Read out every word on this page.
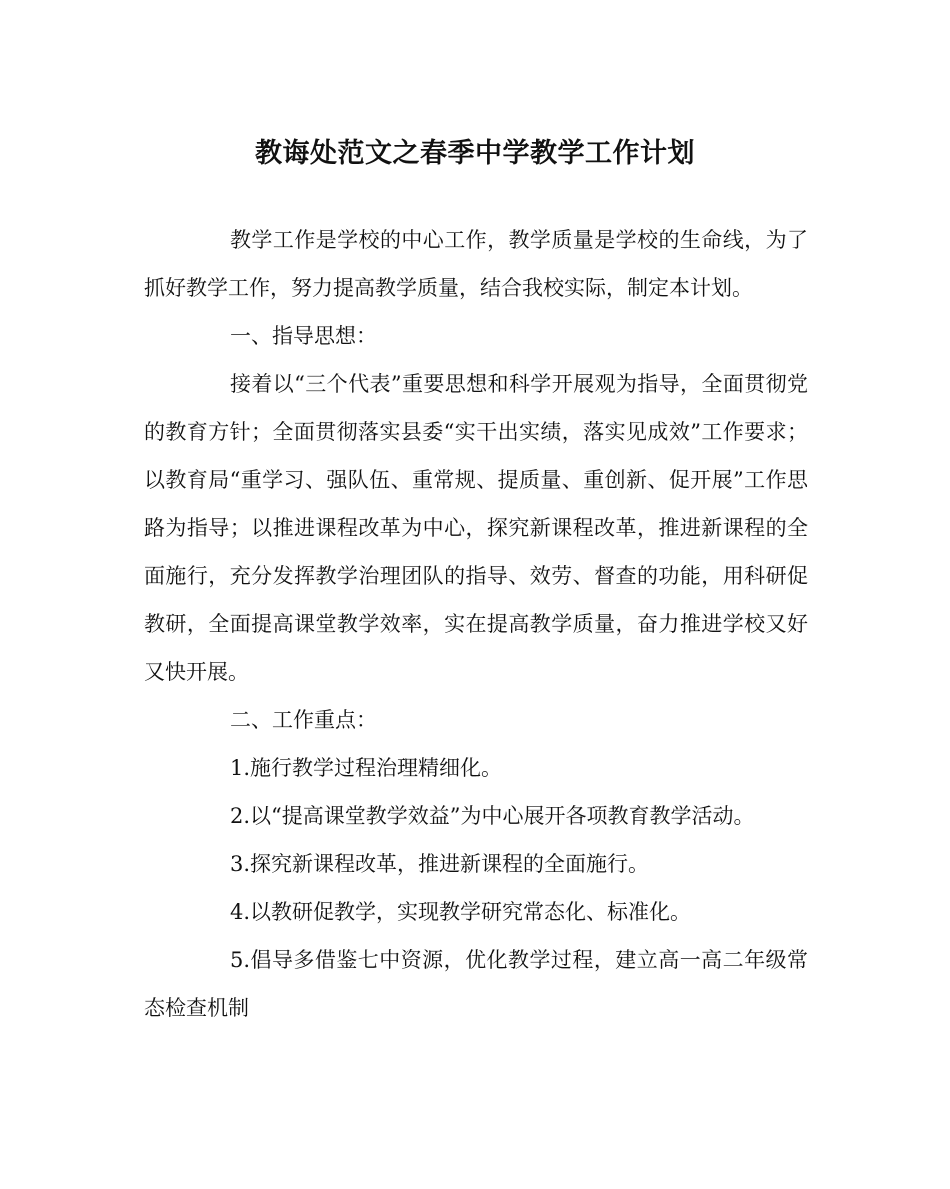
教诲处范文之春季中学教学工作计划

教学工作是学校的中心工作，教学质量是学校的生命线，为了抓好教学工作，努力提高教学质量，结合我校实际，制定本计划。

一、指导思想：

接着以“三个代表”重要思想和科学开展观为指导，全面贯彻党的教育方针；全面贯彻落实县委“实干出实绩，落实见成效”工作要求；以教育局“重学习、强队伍、重常规、提质量、重创新、促开展”工作思路为指导；以推进课程改革为中心，探究新课程改革，推进新课程的全面施行，充分发挥教学治理团队的指导、效劳、督查的功能，用科研促教研，全面提高课堂教学效率，实在提高教学质量，奋力推进学校又好又快开展。

二、工作重点：

1.施行教学过程治理精细化。

2.以“提高课堂教学效益”为中心展开各项教育教学活动。

3.探究新课程改革，推进新课程的全面施行。

4.以教研促教学，实现教学研究常态化、标准化。

5.倡导多借鉴七中资源，优化教学过程，建立高一高二年级常态检查机制
